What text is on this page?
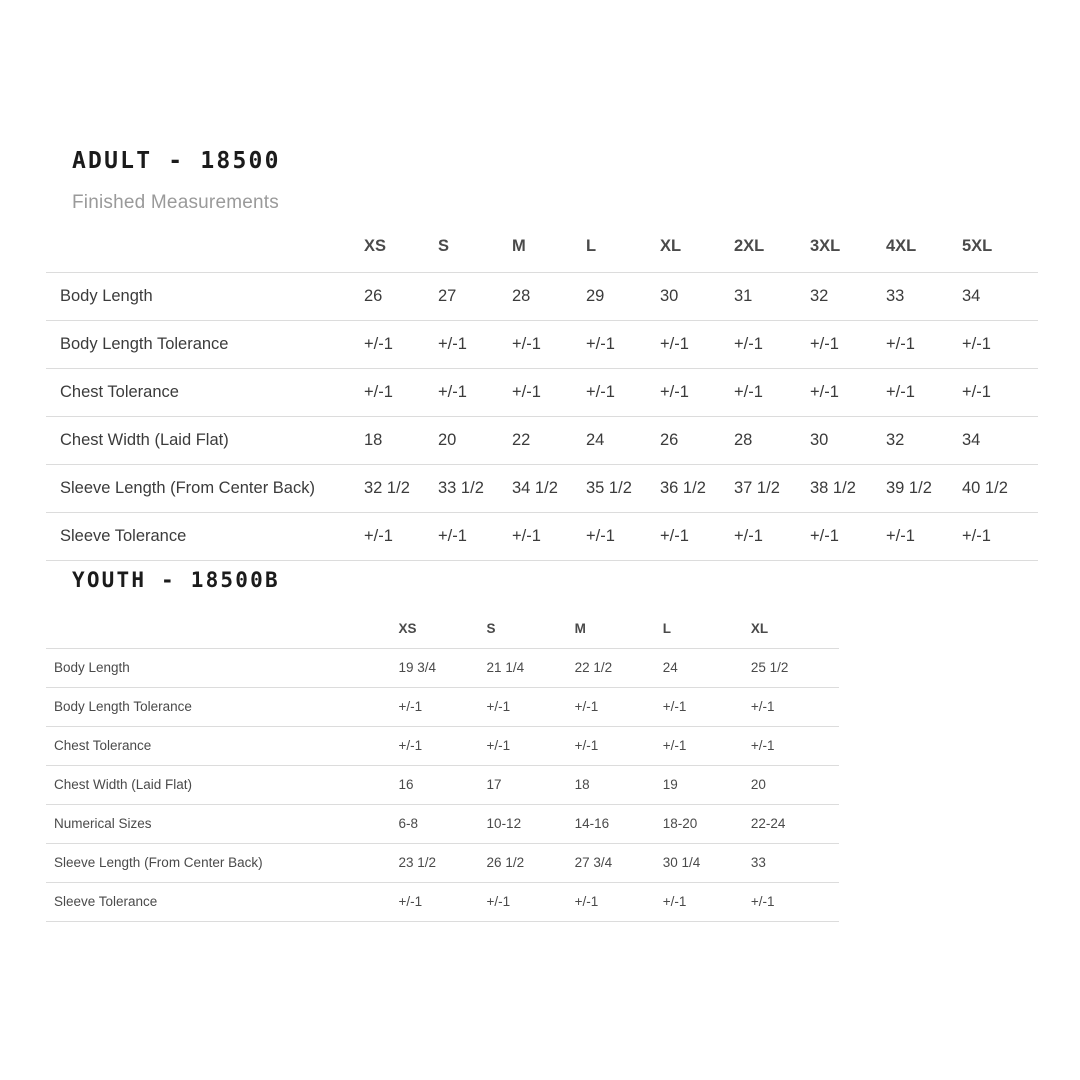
ADULT - 18500
Finished Measurements
	XS	S	M	L	XL	2XL	3XL	4XL	5XL
Body Length	26	27	28	29	30	31	32	33	34
Body Length Tolerance	+/-1	+/-1	+/-1	+/-1	+/-1	+/-1	+/-1	+/-1	+/-1
Chest Tolerance	+/-1	+/-1	+/-1	+/-1	+/-1	+/-1	+/-1	+/-1	+/-1
Chest Width (Laid Flat)	18	20	22	24	26	28	30	32	34
Sleeve Length (From Center Back)	32 1/2	33 1/2	34 1/2	35 1/2	36 1/2	37 1/2	38 1/2	39 1/2	40 1/2
Sleeve Tolerance	+/-1	+/-1	+/-1	+/-1	+/-1	+/-1	+/-1	+/-1	+/-1
YOUTH - 18500B
	XS	S	M	L	XL
Body Length	19 3/4	21 1/4	22 1/2	24	25 1/2
Body Length Tolerance	+/-1	+/-1	+/-1	+/-1	+/-1
Chest Tolerance	+/-1	+/-1	+/-1	+/-1	+/-1
Chest Width (Laid Flat)	16	17	18	19	20
Numerical Sizes	6-8	10-12	14-16	18-20	22-24
Sleeve Length (From Center Back)	23 1/2	26 1/2	27 3/4	30 1/4	33
Sleeve Tolerance	+/-1	+/-1	+/-1	+/-1	+/-1
